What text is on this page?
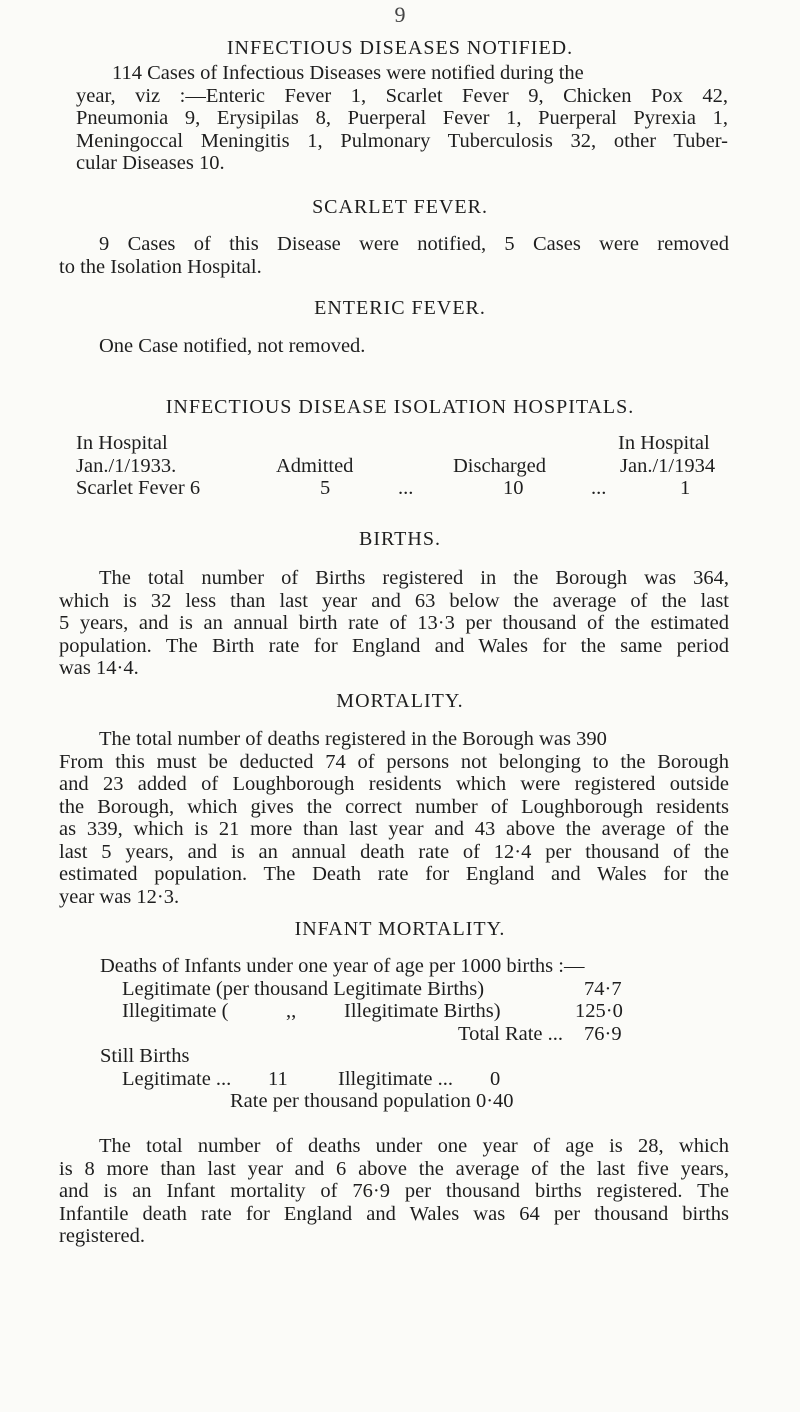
9
INFECTIOUS DISEASES NOTIFIED.
114 Cases of Infectious Diseases were notified during the
year, viz :—Enteric Fever 1, Scarlet Fever 9, Chicken Pox 42,
Pneumonia 9, Erysipilas 8, Puerperal Fever 1, Puerperal Pyrexia 1,
Meningoccal Meningitis 1, Pulmonary Tuberculosis 32, other Tuber-
cular Diseases 10.
SCARLET FEVER.
9 Cases of this Disease were notified, 5 Cases were removed
to the Isolation Hospital.
ENTERIC FEVER.
One Case notified, not removed.
INFECTIOUS DISEASE ISOLATION HOSPITALS.
In Hospital	In Hospital
Jan./1/1933.	Admitted	Discharged	Jan./1/1934
Scarlet Fever 6	5	...	10	...	1
BIRTHS.
The total number of Births registered in the Borough was 364,
which is 32 less than last year and 63 below the average of the last
5 years, and is an annual birth rate of 13·3 per thousand of the estimated
population. The Birth rate for England and Wales for the same period
was 14·4.
MORTALITY.
The total number of deaths registered in the Borough was 390
From this must be deducted 74 of persons not belonging to the Borough
and 23 added of Loughborough residents which were registered outside
the Borough, which gives the correct number of Loughborough residents
as 339, which is 21 more than last year and 43 above the average of the
last 5 years, and is an annual death rate of 12·4 per thousand of the
estimated population. The Death rate for England and Wales for the
year was 12·3.
INFANT MORTALITY.
Deaths of Infants under one year of age per 1000 births :—
Legitimate (per thousand Legitimate Births)	74·7
Illegitimate (	,, Illegitimate Births)	125·0
Total Rate ... 76·9
Still Births
Legitimate ... 11 Illegitimate ... 0
Rate per thousand population 0·40
The total number of deaths under one year of age is 28, which
is 8 more than last year and 6 above the average of the last five years,
and is an Infant mortality of 76·9 per thousand births registered. The
Infantile death rate for England and Wales was 64 per thousand births
registered.
